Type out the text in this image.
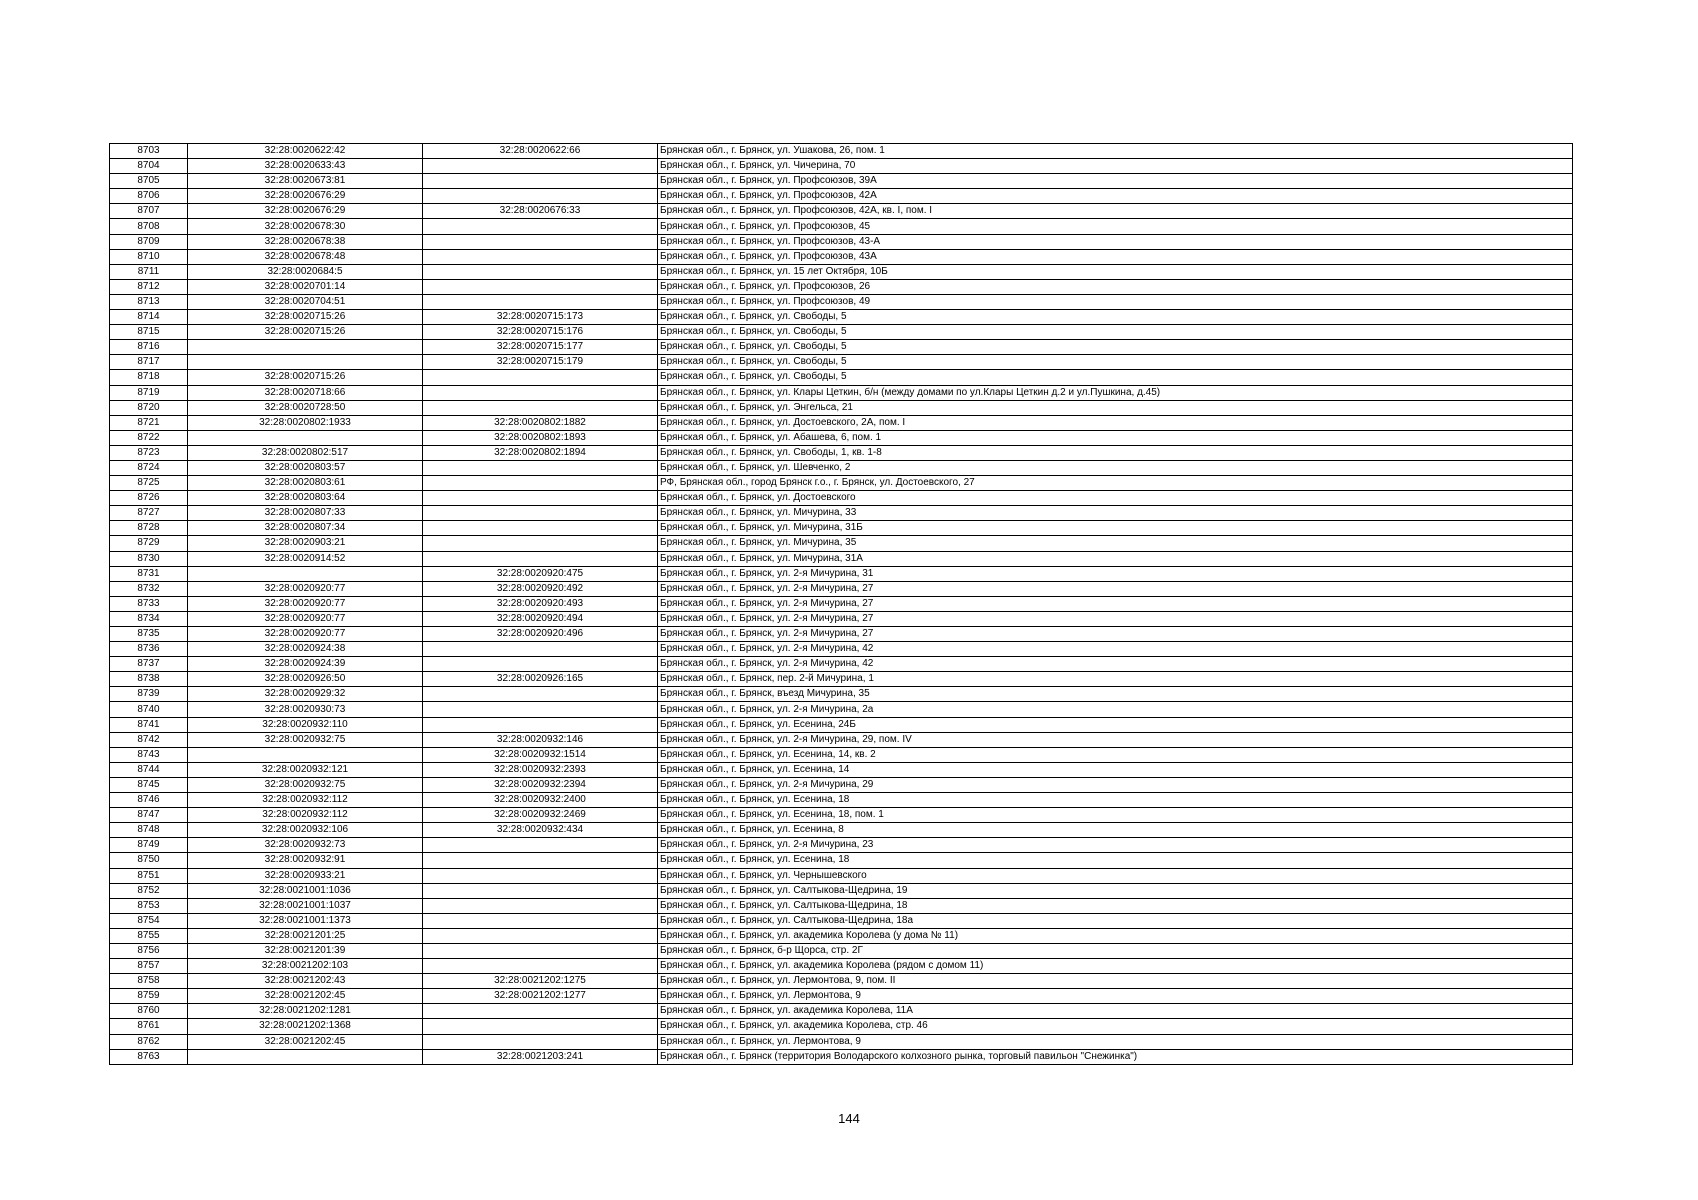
8703	32:28:0020622:42	32:28:0020622:66	Брянская обл., г. Брянск, ул. Ушакова, 26, пом. 1
8704	32:28:0020633:43		Брянская обл., г. Брянск, ул. Чичерина, 70
8705	32:28:0020673:81		Брянская обл., г. Брянск, ул. Профсоюзов, 39А
8706	32:28:0020676:29		Брянская обл., г. Брянск, ул. Профсоюзов, 42А
8707	32:28:0020676:29	32:28:0020676:33	Брянская обл., г. Брянск, ул. Профсоюзов, 42А, кв. I, пом. I
8708	32:28:0020678:30		Брянская обл., г. Брянск, ул. Профсоюзов, 45
8709	32:28:0020678:38		Брянская обл., г. Брянск, ул. Профсоюзов, 43-А
8710	32:28:0020678:48		Брянская обл., г. Брянск, ул. Профсоюзов, 43А
8711	32:28:0020684:5		Брянская обл., г. Брянск, ул. 15 лет Октября, 10Б
8712	32:28:0020701:14		Брянская обл., г. Брянск, ул. Профсоюзов, 26
8713	32:28:0020704:51		Брянская обл., г. Брянск, ул. Профсоюзов, 49
8714	32:28:0020715:26	32:28:0020715:173	Брянская обл., г. Брянск, ул. Свободы, 5
8715	32:28:0020715:26	32:28:0020715:176	Брянская обл., г. Брянск, ул. Свободы, 5
8716		32:28:0020715:177	Брянская обл., г. Брянск, ул. Свободы, 5
8717		32:28:0020715:179	Брянская обл., г. Брянск, ул. Свободы, 5
8718	32:28:0020715:26		Брянская обл., г. Брянск, ул. Свободы, 5
8719	32:28:0020718:66		Брянская обл., г. Брянск, ул. Клары Цеткин, б/н (между домами по ул.Клары Цеткин д.2 и ул.Пушкина, д.45)
8720	32:28:0020728:50		Брянская обл., г. Брянск, ул. Энгельса, 21
8721	32:28:0020802:1933	32:28:0020802:1882	Брянская обл., г. Брянск, ул. Достоевского, 2А, пом. I
8722		32:28:0020802:1893	Брянская обл., г. Брянск, ул. Абашева, 6, пом. 1
8723	32:28:0020802:517	32:28:0020802:1894	Брянская обл., г. Брянск, ул. Свободы, 1, кв. 1-8
8724	32:28:0020803:57		Брянская обл., г. Брянск, ул. Шевченко, 2
8725	32:28:0020803:61		РФ, Брянская обл., город Брянск г.о., г. Брянск, ул. Достоевского, 27
8726	32:28:0020803:64		Брянская обл., г. Брянск, ул. Достоевского
8727	32:28:0020807:33		Брянская обл., г. Брянск, ул. Мичурина, 33
8728	32:28:0020807:34		Брянская обл., г. Брянск, ул. Мичурина, 31Б
8729	32:28:0020903:21		Брянская обл., г. Брянск, ул. Мичурина, 35
8730	32:28:0020914:52		Брянская обл., г. Брянск, ул. Мичурина, 31А
8731		32:28:0020920:475	Брянская обл., г. Брянск, ул. 2-я Мичурина, 31
8732	32:28:0020920:77	32:28:0020920:492	Брянская обл., г. Брянск, ул. 2-я Мичурина, 27
8733	32:28:0020920:77	32:28:0020920:493	Брянская обл., г. Брянск, ул. 2-я Мичурина, 27
8734	32:28:0020920:77	32:28:0020920:494	Брянская обл., г. Брянск, ул. 2-я Мичурина, 27
8735	32:28:0020920:77	32:28:0020920:496	Брянская обл., г. Брянск, ул. 2-я Мичурина, 27
8736	32:28:0020924:38		Брянская обл., г. Брянск, ул. 2-я Мичурина, 42
8737	32:28:0020924:39		Брянская обл., г. Брянск, ул. 2-я Мичурина, 42
8738	32:28:0020926:50	32:28:0020926:165	Брянская обл., г. Брянск, пер. 2-й Мичурина, 1
8739	32:28:0020929:32		Брянская обл., г. Брянск, въезд Мичурина, 35
8740	32:28:0020930:73		Брянская обл., г. Брянск, ул. 2-я Мичурина, 2а
8741	32:28:0020932:110		Брянская обл., г. Брянск, ул. Есенина, 24Б
8742	32:28:0020932:75	32:28:0020932:146	Брянская обл., г. Брянск, ул. 2-я Мичурина, 29, пом. IV
8743		32:28:0020932:1514	Брянская обл., г. Брянск, ул. Есенина, 14, кв. 2
8744	32:28:0020932:121	32:28:0020932:2393	Брянская обл., г. Брянск, ул. Есенина, 14
8745	32:28:0020932:75	32:28:0020932:2394	Брянская обл., г. Брянск, ул. 2-я Мичурина, 29
8746	32:28:0020932:112	32:28:0020932:2400	Брянская обл., г. Брянск, ул. Есенина, 18
8747	32:28:0020932:112	32:28:0020932:2469	Брянская обл., г. Брянск, ул. Есенина, 18, пом. 1
8748	32:28:0020932:106	32:28:0020932:434	Брянская обл., г. Брянск, ул. Есенина, 8
8749	32:28:0020932:73		Брянская обл., г. Брянск, ул. 2-я Мичурина, 23
8750	32:28:0020932:91		Брянская обл., г. Брянск, ул. Есенина, 18
8751	32:28:0020933:21		Брянская обл., г. Брянск, ул. Чернышевского
8752	32:28:0021001:1036		Брянская обл., г. Брянск, ул. Салтыкова-Щедрина, 19
8753	32:28:0021001:1037		Брянская обл., г. Брянск, ул. Салтыкова-Щедрина, 18
8754	32:28:0021001:1373		Брянская обл., г. Брянск, ул. Салтыкова-Щедрина, 18а
8755	32:28:0021201:25		Брянская обл., г. Брянск, ул. академика Королева (у дома № 11)
8756	32:28:0021201:39		Брянская обл., г. Брянск, б-р Щорса, стр. 2Г
8757	32:28:0021202:103		Брянская обл., г. Брянск, ул. академика Королева (рядом с домом 11)
8758	32:28:0021202:43	32:28:0021202:1275	Брянская обл., г. Брянск, ул. Лермонтова, 9, пом. II
8759	32:28:0021202:45	32:28:0021202:1277	Брянская обл., г. Брянск, ул. Лермонтова, 9
8760	32:28:0021202:1281		Брянская обл., г. Брянск, ул. академика Королева, 11А
8761	32:28:0021202:1368		Брянская обл., г. Брянск, ул. академика Королева, стр. 46
8762	32:28:0021202:45		Брянская обл., г. Брянск, ул. Лермонтова, 9
8763		32:28:0021203:241	Брянская обл., г. Брянск (территория Володарского колхозного рынка, торговый павильон "Снежинка")
144
